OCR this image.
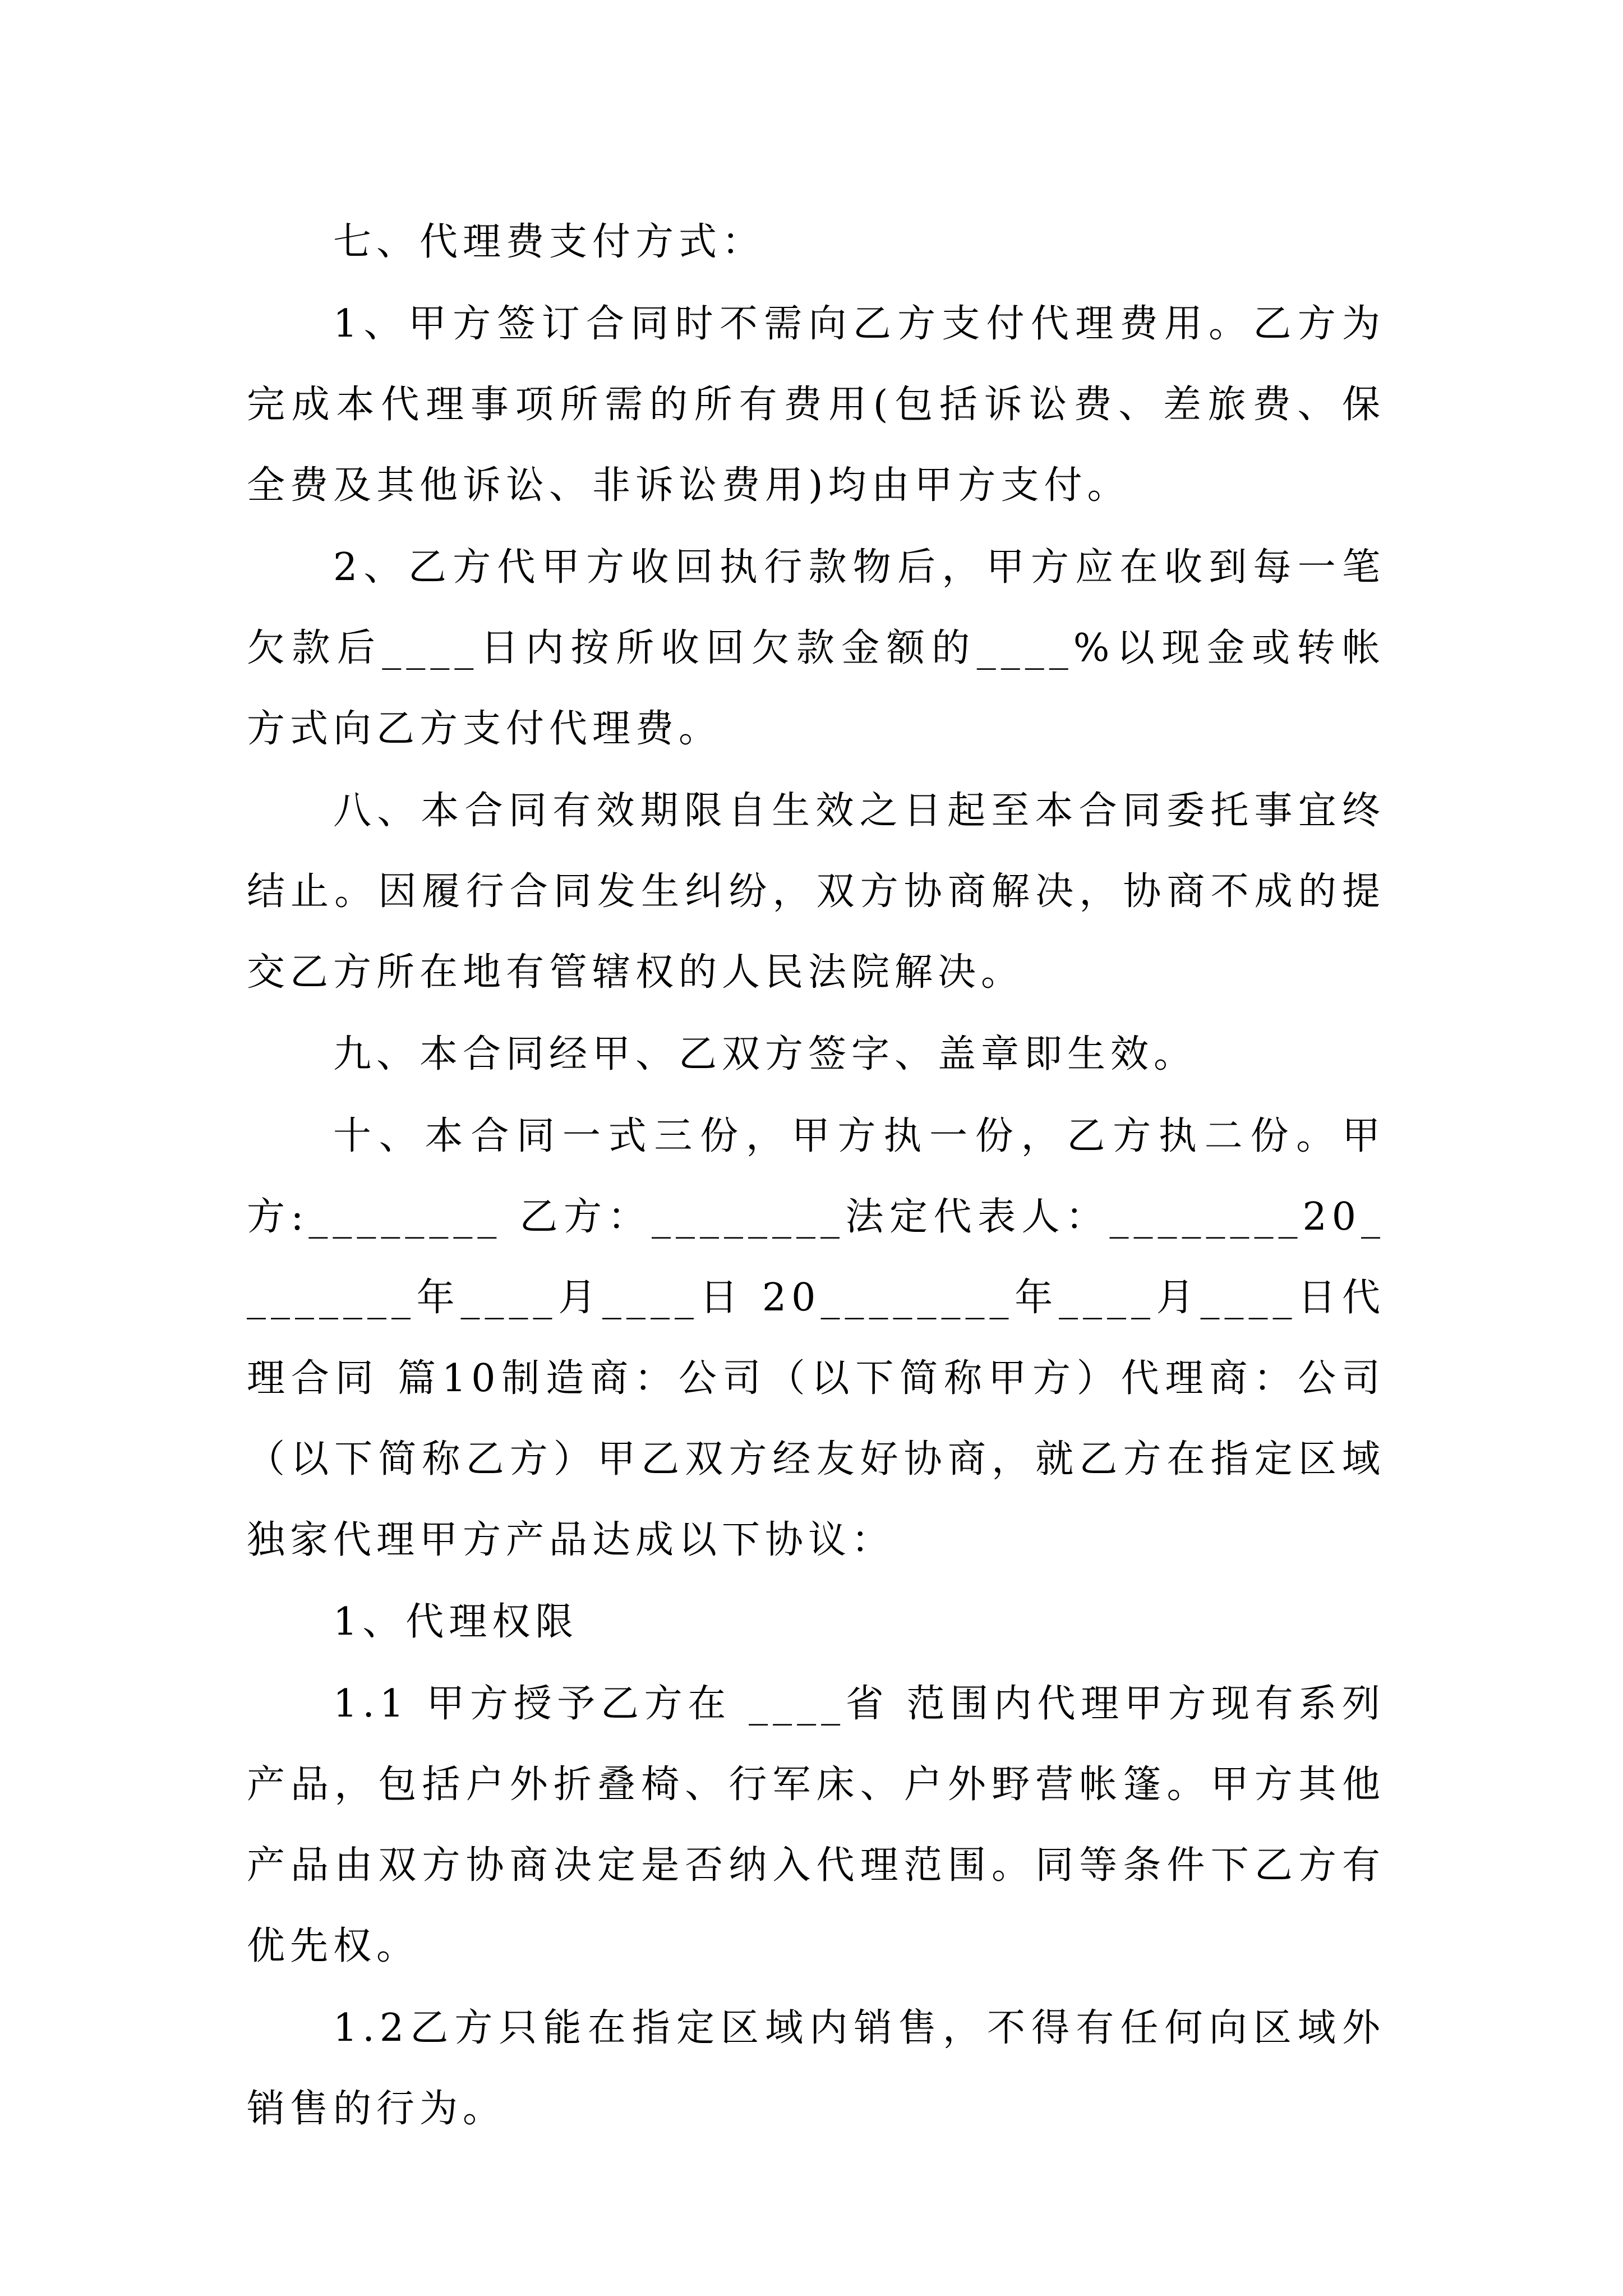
七、代理费支付方式：

1、甲方签订合同时不需向乙方支付代理费用。乙方为完成本代理事项所需的所有费用(包括诉讼费、差旅费、保全费及其他诉讼、非诉讼费用)均由甲方支付。

2、乙方代甲方收回执行款物后，甲方应在收到每一笔欠款后____日内按所收回欠款金额的____%以现金或转帐方式向乙方支付代理费。

八、本合同有效期限自生效之日起至本合同委托事宜终结止。因履行合同发生纠纷，双方协商解决，协商不成的提交乙方所在地有管辖权的人民法院解决。

九、本合同经甲、乙双方签字、盖章即生效。

十、本合同一式三份，甲方执一份，乙方执二份。甲方:________ 乙方：________法定代表人：________20________年____月____日 20________年____月____日代理合同 篇10制造商：公司（以下简称甲方）代理商：公司（以下简称乙方）甲乙双方经友好协商，就乙方在指定区域独家代理甲方产品达成以下协议：

1、代理权限

1.1 甲方授予乙方在 ____省 范围内代理甲方现有系列产品，包括户外折叠椅、行军床、户外野营帐篷。甲方其他产品由双方协商决定是否纳入代理范围。同等条件下乙方有优先权。

1.2乙方只能在指定区域内销售，不得有任何向区域外销售的行为。
